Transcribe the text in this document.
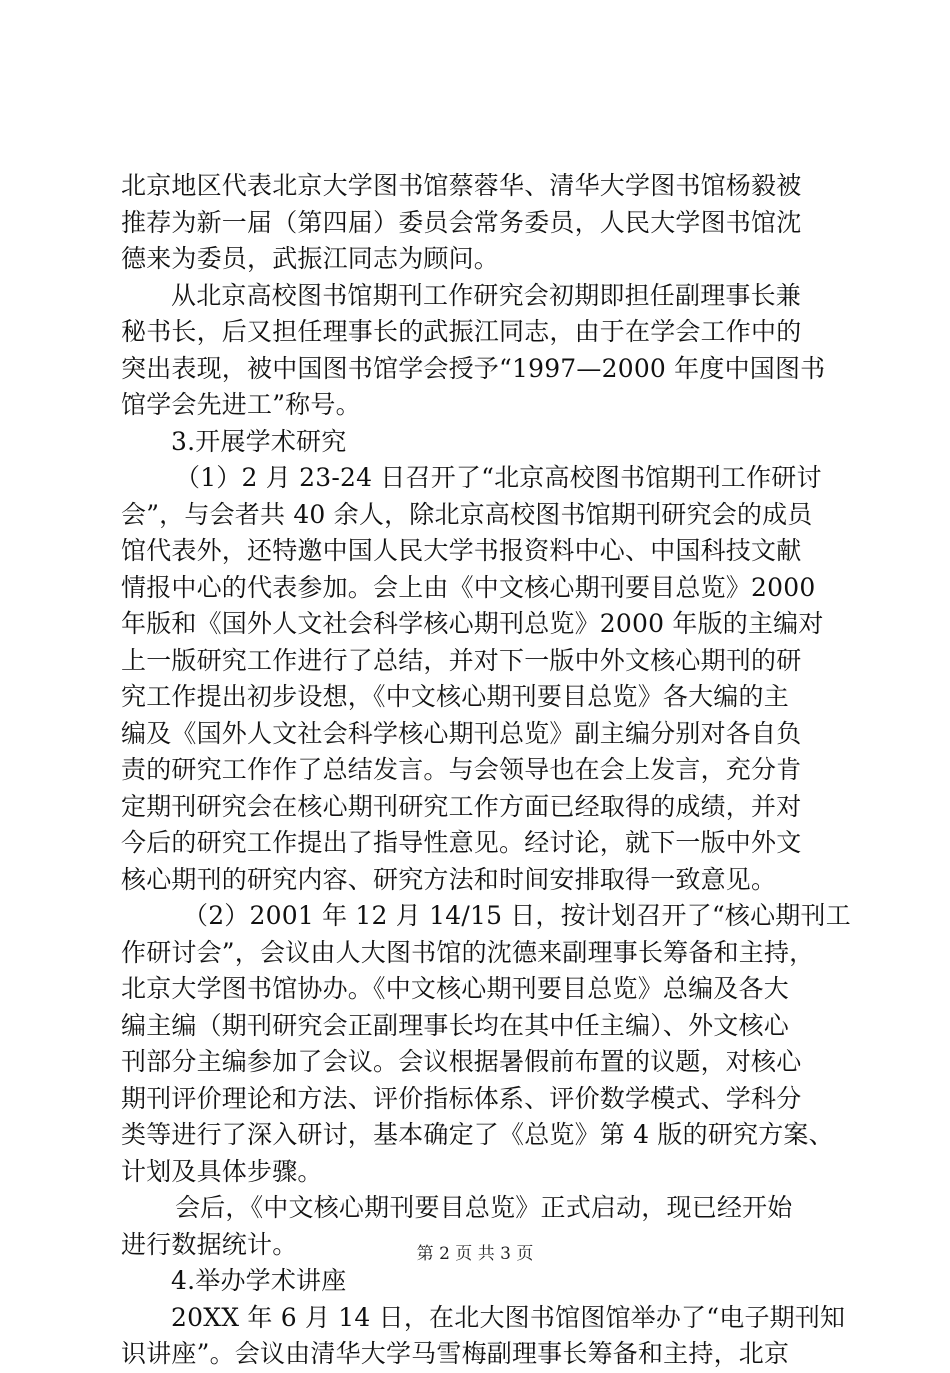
北京地区代表北京大学图书馆蔡蓉华、清华大学图书馆杨毅被
推荐为新一届（第四届）委员会常务委员，人民大学图书馆沈
德来为委员，武振江同志为顾问。
从北京高校图书馆期刊工作研究会初期即担任副理事长兼
秘书长，后又担任理事长的武振江同志，由于在学会工作中的
突出表现，被中国图书馆学会授予“1997—2000 年度中国图书
馆学会先进工”称号。
3.开展学术研究
（1）2 月 23-24 日召开了“北京高校图书馆期刊工作研讨
会”，与会者共 40 余人，除北京高校图书馆期刊研究会的成员
馆代表外，还特邀中国人民大学书报资料中心、中国科技文献
情报中心的代表参加。会上由《中文核心期刊要目总览》2000
年版和《国外人文社会科学核心期刊总览》2000 年版的主编对
上一版研究工作进行了总结，并对下一版中外文核心期刊的研
究工作提出初步设想，《中文核心期刊要目总览》各大编的主
编及《国外人文社会科学核心期刊总览》副主编分别对各自负
责的研究工作作了总结发言。与会领导也在会上发言，充分肯
定期刊研究会在核心期刊研究工作方面已经取得的成绩，并对
今后的研究工作提出了指导性意见。经讨论，就下一版中外文
核心期刊的研究内容、研究方法和时间安排取得一致意见。
（2）2001 年 12 月 14/15 日，按计划召开了“核心期刊工
作研讨会”，会议由人大图书馆的沈德来副理事长筹备和主持，
北京大学图书馆协办。《中文核心期刊要目总览》总编及各大
编主编（期刊研究会正副理事长均在其中任主编）、外文核心
刊部分主编参加了会议。会议根据暑假前布置的议题，对核心
期刊评价理论和方法、评价指标体系、评价数学模式、学科分
类等进行了深入研讨，基本确定了《总览》第 4 版的研究方案、
计划及具体步骤。
会后，《中文核心期刊要目总览》正式启动，现已经开始
进行数据统计。
4.举办学术讲座
20XX 年 6 月 14 日，在北大图书馆图馆举办了“电子期刊知
识讲座”。会议由清华大学马雪梅副理事长筹备和主持，北京
第 2 页 共 3 页
